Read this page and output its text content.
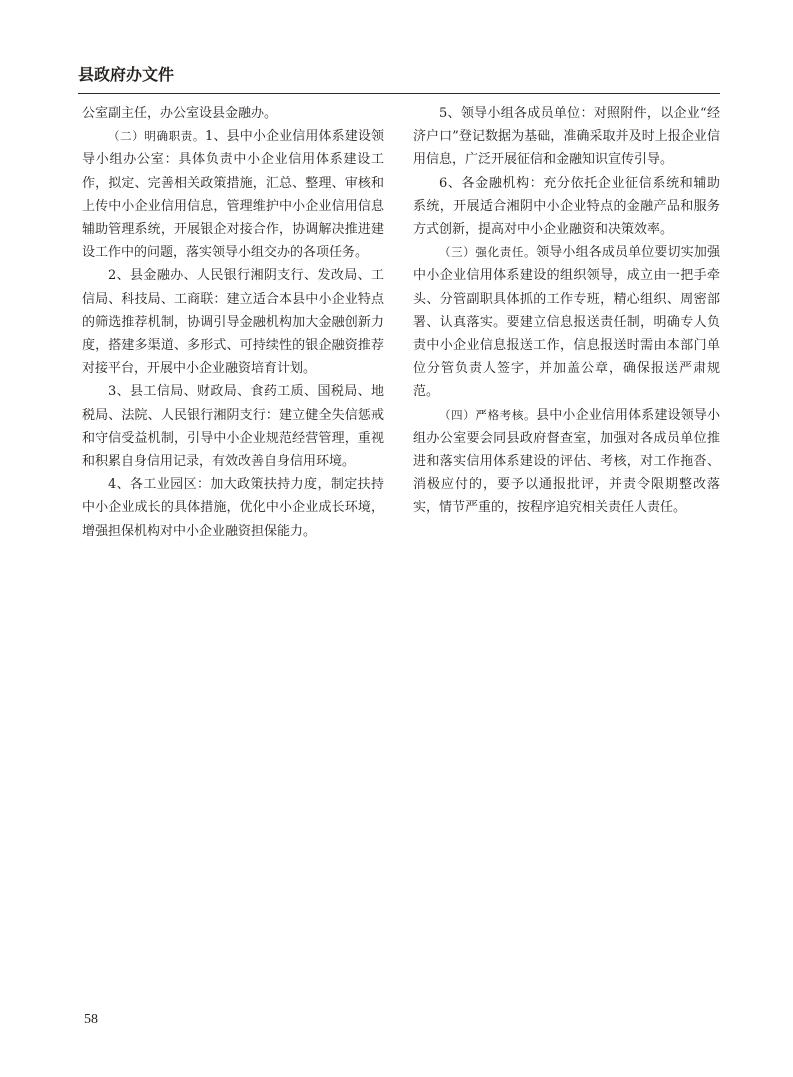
县政府办文件

公室副主任，办公室设县金融办。

（二）明确职责。1、县中小企业信用体系建设领导小组办公室：具体负责中小企业信用体系建设工作，拟定、完善相关政策措施，汇总、整理、审核和上传中小企业信用信息，管理维护中小企业信用信息辅助管理系统，开展银企对接合作，协调解决推进建设工作中的问题，落实领导小组交办的各项任务。

2、县金融办、人民银行湘阴支行、发改局、工信局、科技局、工商联：建立适合本县中小企业特点的筛选推荐机制，协调引导金融机构加大金融创新力度，搭建多渠道、多形式、可持续性的银企融资推荐对接平台，开展中小企业融资培育计划。

3、县工信局、财政局、食药工质、国税局、地税局、法院、人民银行湘阴支行：建立健全失信惩戒和守信受益机制，引导中小企业规范经营管理，重视和积累自身信用记录，有效改善自身信用环境。

4、各工业园区：加大政策扶持力度，制定扶持中小企业成长的具体措施，优化中小企业成长环境，增强担保机构对中小企业融资担保能力。

5、领导小组各成员单位：对照附件，以企业“经济户口”登记数据为基础，准确采取并及时上报企业信用信息，广泛开展征信和金融知识宣传引导。

6、各金融机构：充分依托企业征信系统和辅助系统，开展适合湘阴中小企业特点的金融产品和服务方式创新，提高对中小企业融资和决策效率。

（三）强化责任。领导小组各成员单位要切实加强中小企业信用体系建设的组织领导，成立由一把手牵头、分管副职具体抓的工作专班，精心组织、周密部署、认真落实。要建立信息报送责任制，明确专人负责中小企业信息报送工作，信息报送时需由本部门单位分管负责人签字，并加盖公章，确保报送严肃规范。

（四）严格考核。县中小企业信用体系建设领导小组办公室要会同县政府督查室，加强对各成员单位推进和落实信用体系建设的评估、考核，对工作拖沓、消极应付的，要予以通报批评，并责令限期整改落实，情节严重的，按程序追究相关责任人责任。

58
